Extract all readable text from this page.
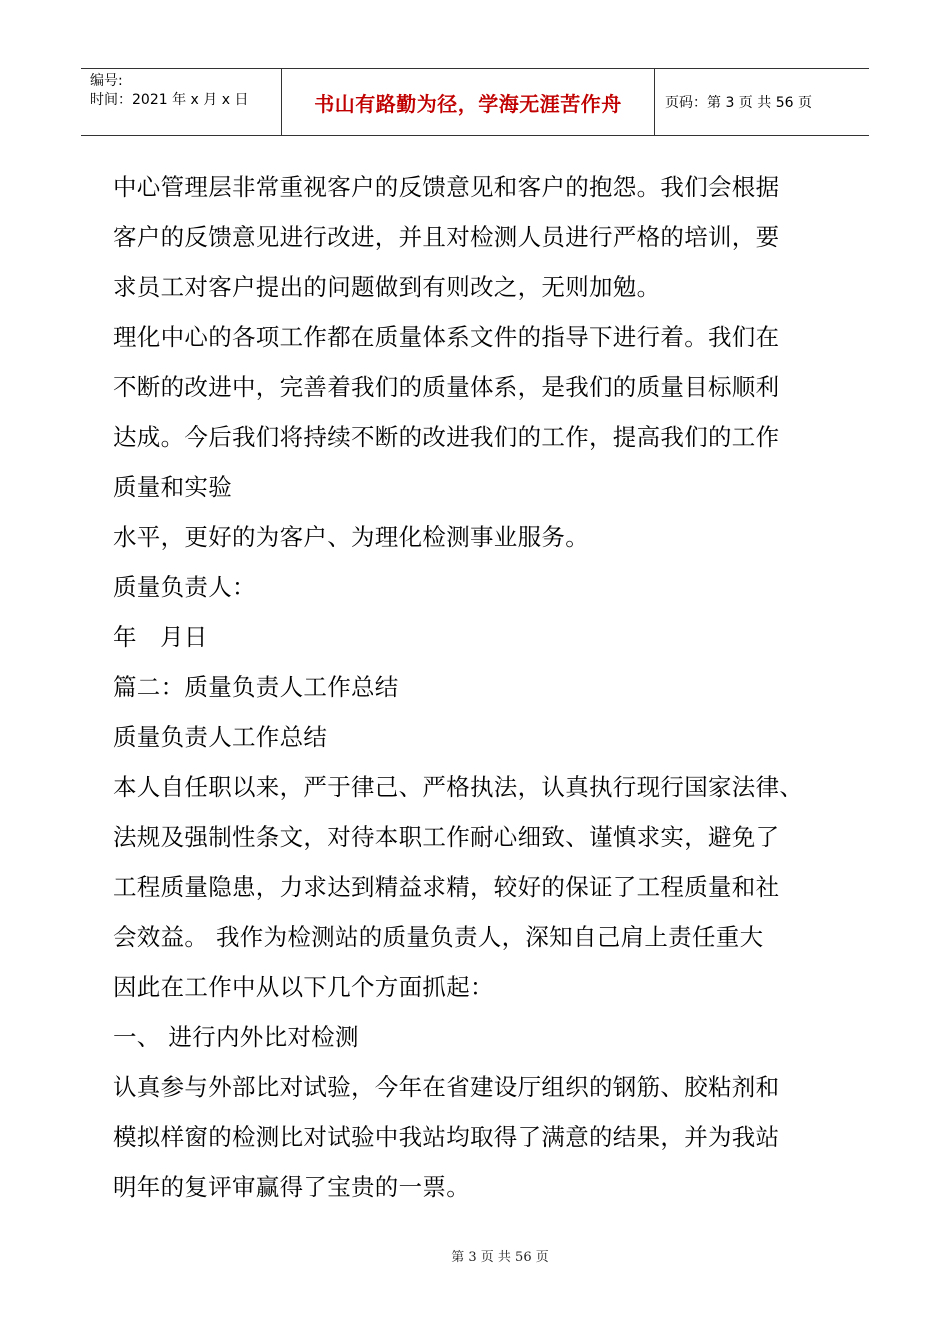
编号:
时间：2021 年 x 月 x 日	书山有路勤为径，学海无涯苦作舟	页码：第 3 页 共 56 页
中心管理层非常重视客户的反馈意见和客户的抱怨。我们会根据
客户的反馈意见进行改进，并且对检测人员进行严格的培训，要
求员工对客户提出的问题做到有则改之，无则加勉。
理化中心的各项工作都在质量体系文件的指导下进行着。我们在
不断的改进中，完善着我们的质量体系，是我们的质量目标顺利
达成。今后我们将持续不断的改进我们的工作，提高我们的工作
质量和实验
水平，更好的为客户、为理化检测事业服务。
质量负责人：
年   月日
篇二：质量负责人工作总结
质量负责人工作总结
本人自任职以来，严于律己、严格执法，认真执行现行国家法律、
法规及强制性条文，对待本职工作耐心细致、谨慎求实，避免了
工程质量隐患，力求达到精益求精，较好的保证了工程质量和社
会效益。 我作为检测站的质量负责人，深知自己肩上责任重大
因此在工作中从以下几个方面抓起：
一、 进行内外比对检测
认真参与外部比对试验，今年在省建设厅组织的钢筋、胶粘剂和
模拟样窗的检测比对试验中我站均取得了满意的结果，并为我站
明年的复评审赢得了宝贵的一票。
第 3 页 共 56 页
